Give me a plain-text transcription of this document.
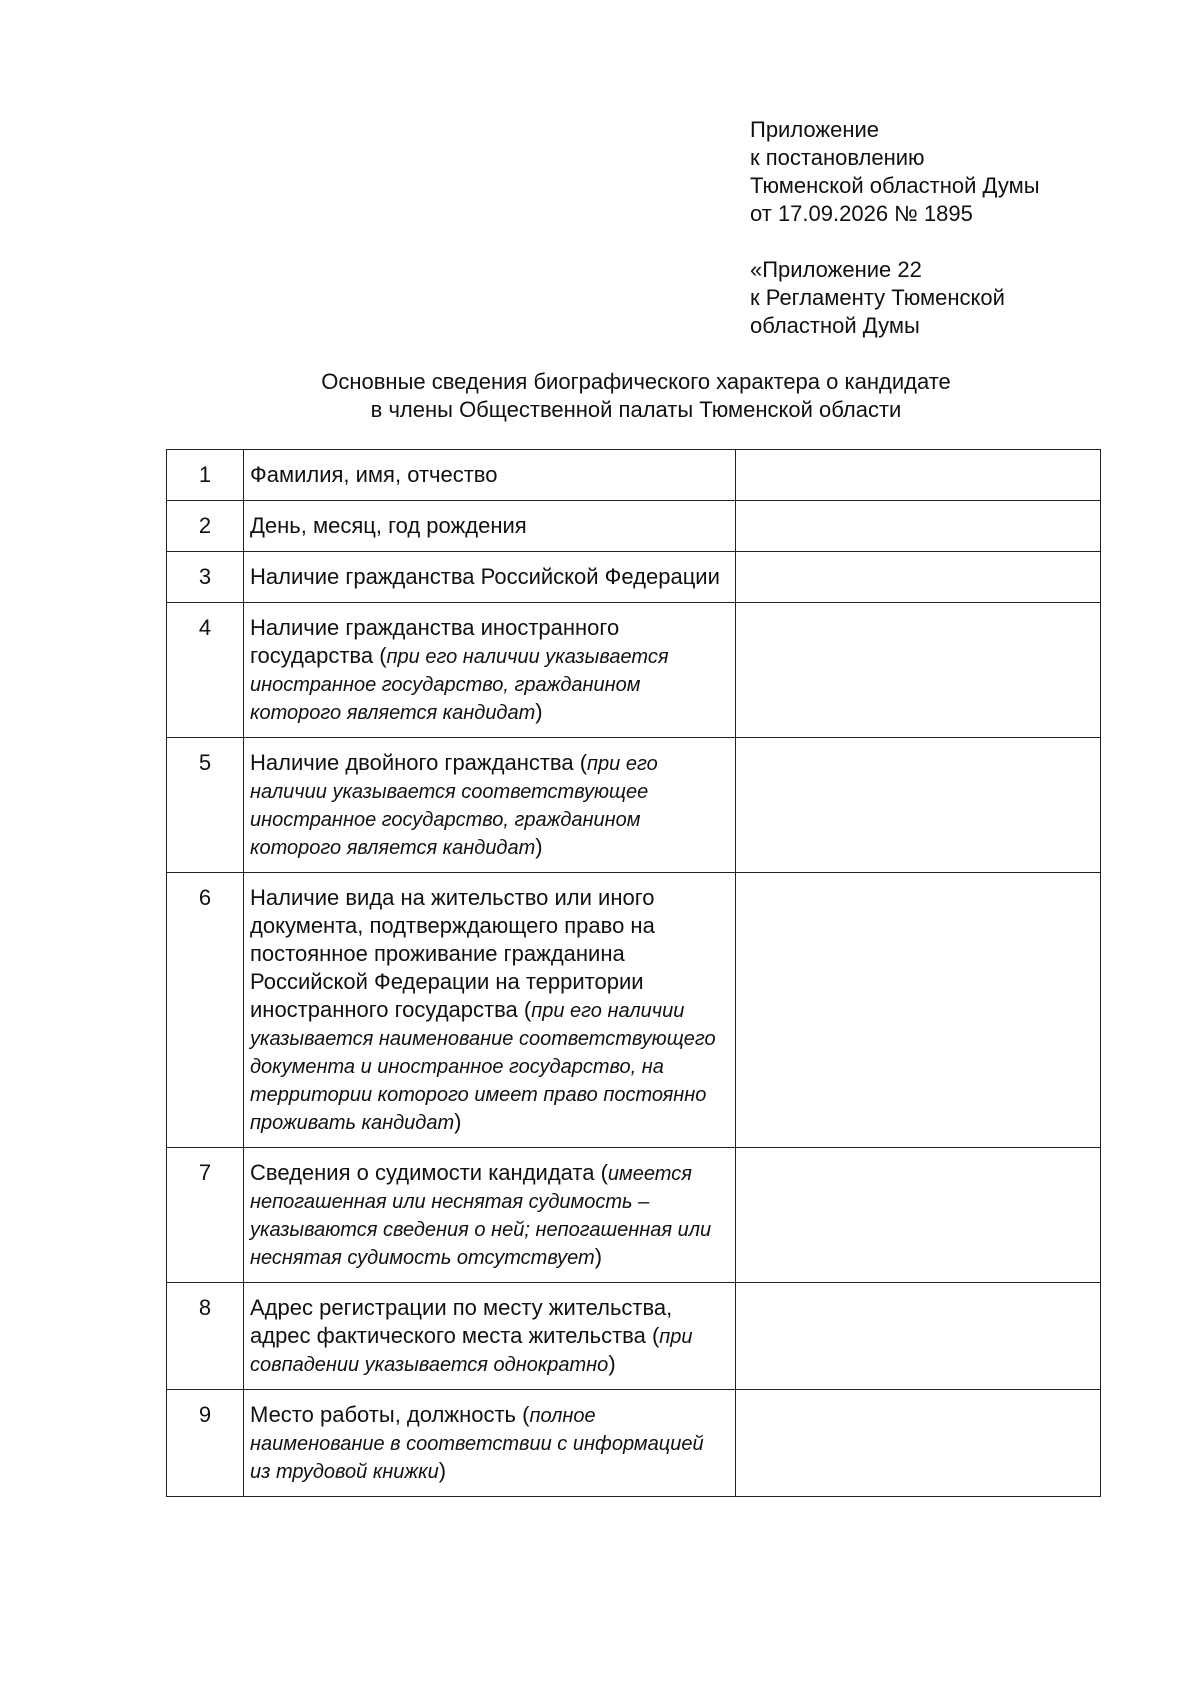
Приложение
к постановлению
Тюменской областной Думы
от 17.09.2026 № 1895
«Приложение 22
к Регламенту Тюменской
областной Думы
Основные сведения биографического характера о кандидате
в члены Общественной палаты Тюменской области
1	Фамилия, имя, отчество	
2	День, месяц, год рождения	
3	Наличие гражданства Российской Федерации	
4	Наличие гражданства иностранного государства (при его наличии указывается иностранное государство, гражданином которого является кандидат)	
5	Наличие двойного гражданства (при его наличии указывается соответствующее иностранное государство, гражданином которого является кандидат)	
6	Наличие вида на жительство или иного документа, подтверждающего право на постоянное проживание гражданина Российской Федерации на территории иностранного государства (при его наличии указывается наименование соответствующего документа и иностранное государство, на территории которого имеет право постоянно проживать кандидат)	
7	Сведения о судимости кандидата (имеется непогашенная или неснятая судимость – указываются сведения о ней; непогашенная или неснятая судимость отсутствует)	
8	Адрес регистрации по месту жительства, адрес фактического места жительства (при совпадении указывается однократно)	
9	Место работы, должность (полное наименование в соответствии с информацией из трудовой книжки)	
